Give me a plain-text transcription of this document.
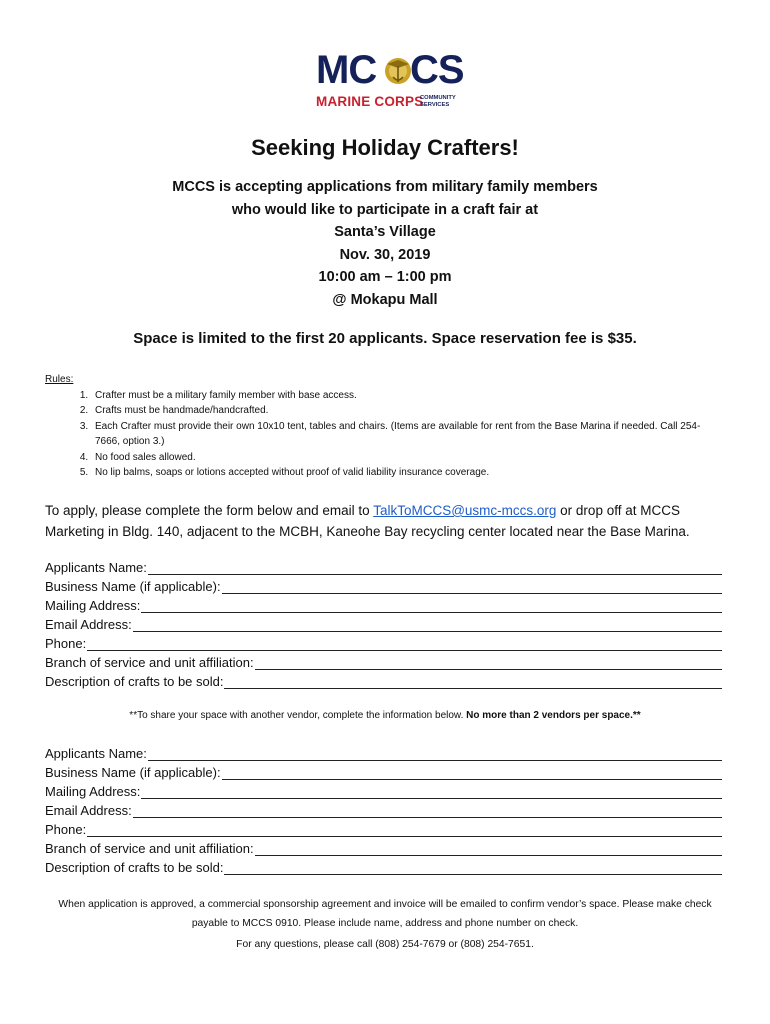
MC CS
MARINE CORPS
COMMUNITY
SERVICES
Seeking Holiday Crafters!
MCCS is accepting applications from military family members
who would like to participate in a craft fair at
Santa’s Village
Nov. 30, 2019
10:00 am – 1:00 pm
@ Mokapu Mall
Space is limited to the first 20 applicants. Space reservation fee is $35.
Rules:
1. Crafter must be a military family member with base access.
2. Crafts must be handmade/handcrafted.
3. Each Crafter must provide their own 10x10 tent, tables and chairs. (Items are available for rent from the Base Marina if needed. Call 254-7666, option 3.)
4. No food sales allowed.
5. No lip balms, soaps or lotions accepted without proof of valid liability insurance coverage.
To apply, please complete the form below and email to TalkToMCCS@usmc-mccs.org or drop off at MCCS Marketing in Bldg. 140, adjacent to the MCBH, Kaneohe Bay recycling center located near the Base Marina.
Applicants Name:
Business Name (if applicable):
Mailing Address:
Email Address:
Phone:
Branch of service and unit affiliation:
Description of crafts to be sold:
**To share your space with another vendor, complete the information below. No more than 2 vendors per space.**
Applicants Name:
Business Name (if applicable):
Mailing Address:
Email Address:
Phone:
Branch of service and unit affiliation:
Description of crafts to be sold:
When application is approved, a commercial sponsorship agreement and invoice will be emailed to confirm vendor’s space. Please make check payable to MCCS 0910. Please include name, address and phone number on check.
For any questions, please call (808) 254-7679 or (808) 254-7651.
